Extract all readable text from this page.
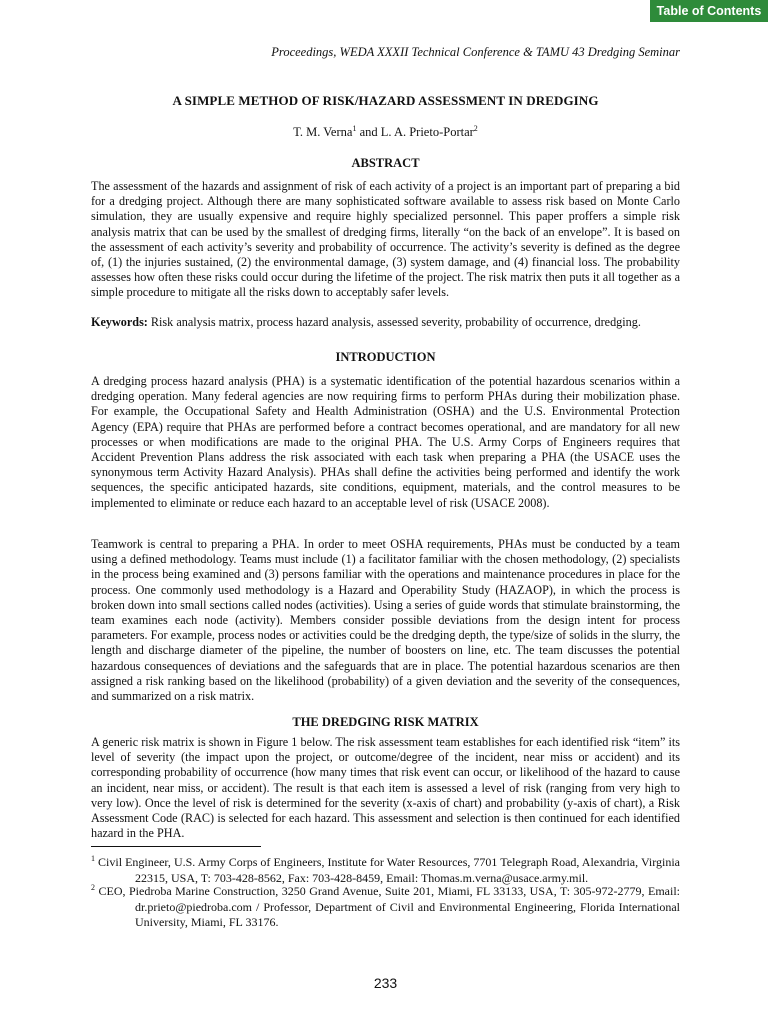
Table of Contents
Proceedings, WEDA XXXII Technical Conference & TAMU 43 Dredging Seminar
A SIMPLE METHOD OF RISK/HAZARD ASSESSMENT IN DREDGING
T. M. Verna$^1$ and L. A. Prieto-Portar$^2$
ABSTRACT
The assessment of the hazards and assignment of risk of each activity of a project is an important part of preparing a bid for a dredging project. Although there are many sophisticated software available to assess risk based on Monte Carlo simulation, they are usually expensive and require highly specialized personnel. This paper proffers a simple risk analysis matrix that can be used by the smallest of dredging firms, literally “on the back of an envelope”. It is based on the assessment of each activity’s severity and probability of occurrence. The activity’s severity is defined as the degree of, (1) the injuries sustained, (2) the environmental damage, (3) system damage, and (4) financial loss. The probability assesses how often these risks could occur during the lifetime of the project. The risk matrix then puts it all together as a simple procedure to mitigate all the risks down to acceptably safer levels.
Keywords: Risk analysis matrix, process hazard analysis, assessed severity, probability of occurrence, dredging.
INTRODUCTION
A dredging process hazard analysis (PHA) is a systematic identification of the potential hazardous scenarios within a dredging operation. Many federal agencies are now requiring firms to perform PHAs during their mobilization phase. For example, the Occupational Safety and Health Administration (OSHA) and the U.S. Environmental Protection Agency (EPA) require that PHAs are performed before a contract becomes operational, and are mandatory for all new processes or when modifications are made to the original PHA. The U.S. Army Corps of Engineers requires that Accident Prevention Plans address the risk associated with each task when preparing a PHA (the USACE uses the synonymous term Activity Hazard Analysis). PHAs shall define the activities being performed and identify the work sequences, the specific anticipated hazards, site conditions, equipment, materials, and the control measures to be implemented to eliminate or reduce each hazard to an acceptable level of risk (USACE 2008).
Teamwork is central to preparing a PHA. In order to meet OSHA requirements, PHAs must be conducted by a team using a defined methodology. Teams must include (1) a facilitator familiar with the chosen methodology, (2) specialists in the process being examined and (3) persons familiar with the operations and maintenance procedures in place for the process. One commonly used methodology is a Hazard and Operability Study (HAZAOP), in which the process is broken down into small sections called nodes (activities). Using a series of guide words that stimulate brainstorming, the team examines each node (activity). Members consider possible deviations from the design intent for process parameters. For example, process nodes or activities could be the dredging depth, the type/size of solids in the slurry, the length and discharge diameter of the pipeline, the number of boosters on line, etc. The team discusses the potential hazardous consequences of deviations and the safeguards that are in place. The potential hazardous scenarios are then assigned a risk ranking based on the likelihood (probability) of a given deviation and the severity of the consequences, and summarized on a risk matrix.
THE DREDGING RISK MATRIX
A generic risk matrix is shown in Figure 1 below. The risk assessment team establishes for each identified risk “item” its level of severity (the impact upon the project, or outcome/degree of the incident, near miss or accident) and its corresponding probability of occurrence (how many times that risk event can occur, or likelihood of the hazard to cause an incident, near miss, or accident). The result is that each item is assessed a level of risk (ranging from very high to very low). Once the level of risk is determined for the severity (x-axis of chart) and probability (y-axis of chart), a Risk Assessment Code (RAC) is selected for each hazard. This assessment and selection is then continued for each identified hazard in the PHA.
$^1$ Civil Engineer, U.S. Army Corps of Engineers, Institute for Water Resources, 7701 Telegraph Road, Alexandria, Virginia 22315, USA, T: 703-428-8562, Fax: 703-428-8459, Email: Thomas.m.verna@usace.army.mil.
$^2$ CEO, Piedroba Marine Construction, 3250 Grand Avenue, Suite 201, Miami, FL 33133, USA, T: 305-972-2779, Email: dr.prieto@piedroba.com / Professor, Department of Civil and Environmental Engineering, Florida International University, Miami, FL 33176.
233
